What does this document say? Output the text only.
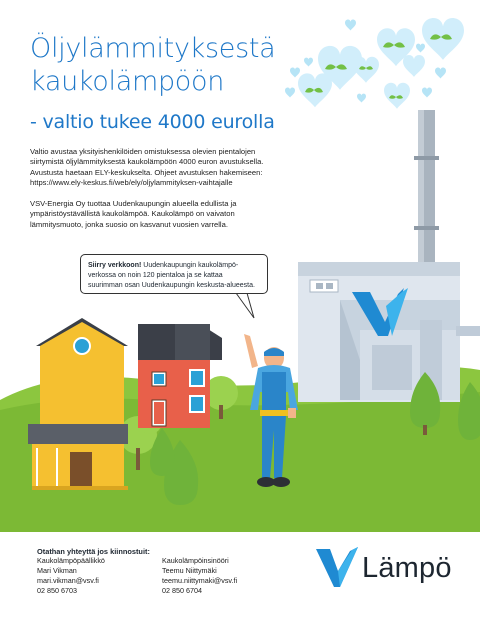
Öljylämmityksestä
kaukolämpöön
- valtio tukee 4000 eurolla
Valtio avustaa yksityishenkilöiden omistuksessa olevien pientalojen
siirtymistä öljylämmityksestä kaukolämpöön 4000 euron avustuksella.
Avustusta haetaan ELY-keskukselta. Ohjeet avustuksen hakemiseen:
https://www.ely-keskus.fi/web/ely/oljylammityksen-vaihtajalle
VSV-Energia Oy tuottaa Uudenkaupungin alueella edullista ja
ympäristöystävällistä kaukolämpöä. Kaukolämpö on vaivaton
lämmitysmuoto, jonka suosio on kasvanut vuosien varrella.
Siirry verkkoon! Uudenkaupungin kaukolämpö-
verkossa on noin 120 pientaloa ja se kattaa
suurimman osan Uudenkaupungin keskusta-alueesta.
Otathan yhteyttä jos kiinnostuit:
Kaukolämpöpäällikkö
Mari Vikman
mari.vikman@vsv.fi
02 850 6703
Kaukolämpöinsinööri
Teemu Niittymäki
teemu.niittymaki@vsv.fi
02 850 6704
Lämpö
